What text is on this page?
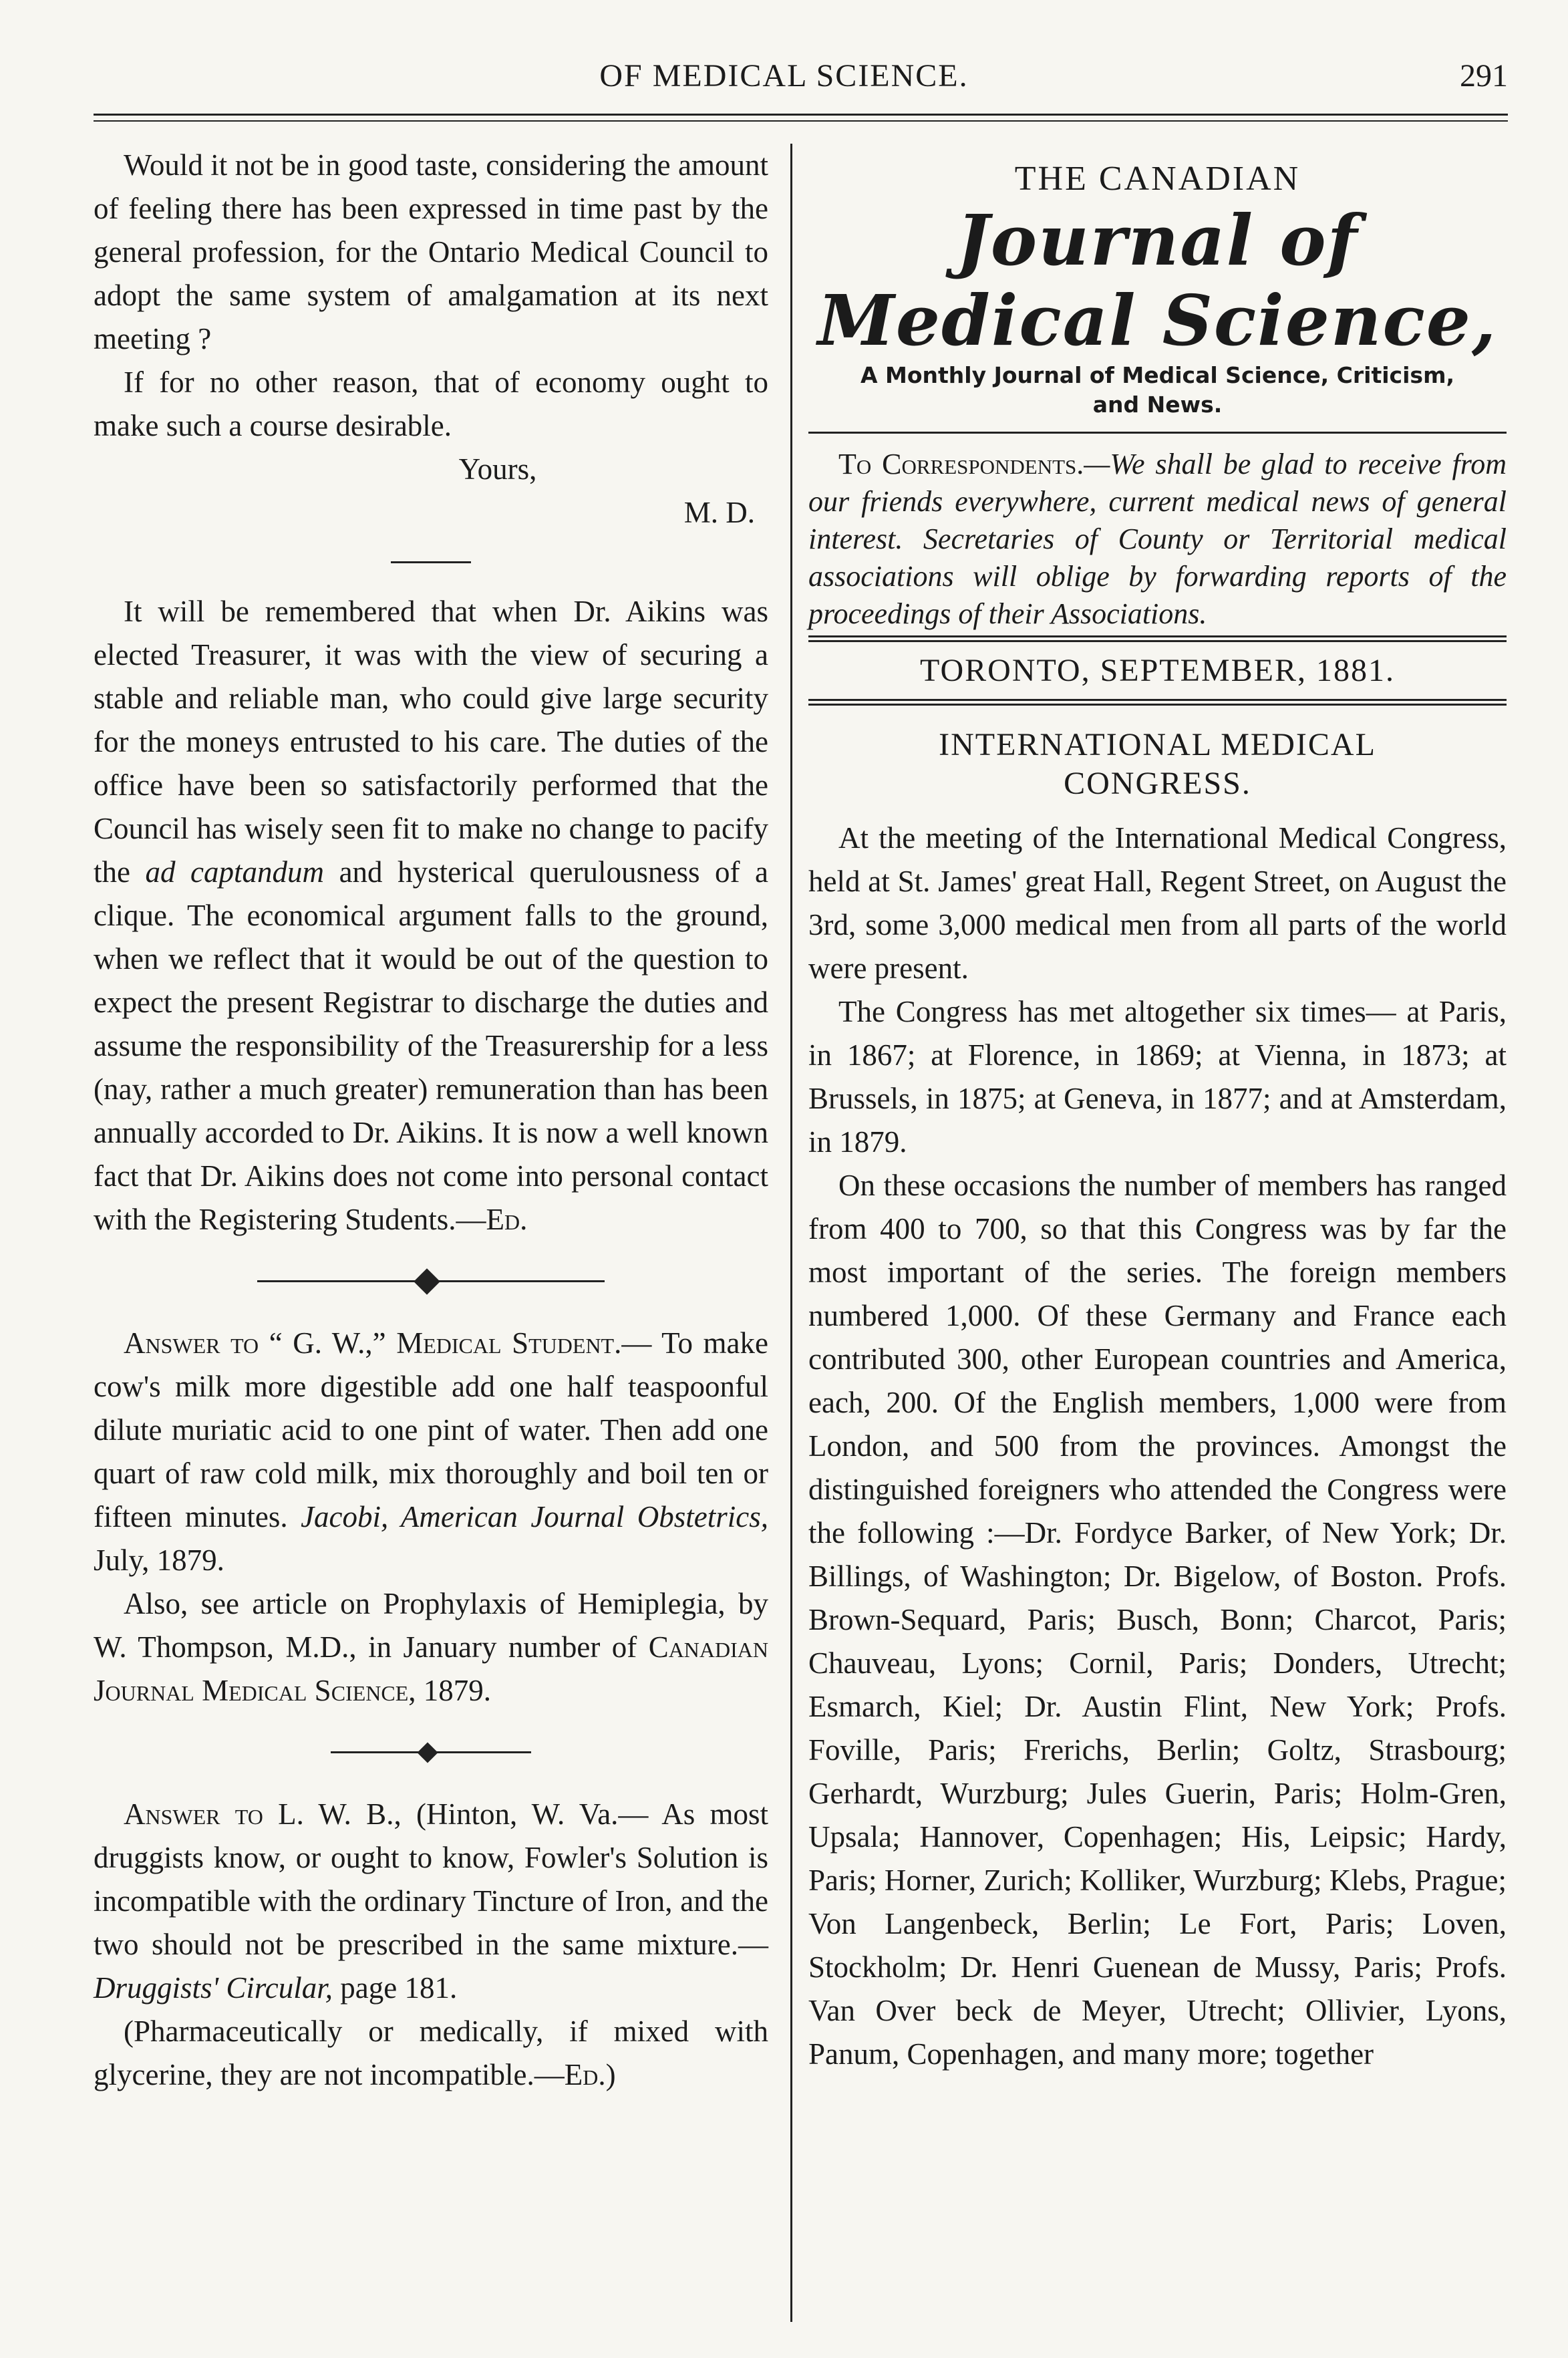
OF MEDICAL SCIENCE.	291

Would it not be in good taste, considering the amount of feeling there has been expressed in time past by the general profession, for the Ontario Medical Council to adopt the same system of amalgamation at its next meeting ?

If for no other reason, that of economy ought to make such a course desirable.

Yours,

M. D.

It will be remembered that when Dr. Aikins was elected Treasurer, it was with the view of securing a stable and reliable man, who could give large security for the moneys entrusted to his care. The duties of the office have been so satisfactorily performed that the Council has wisely seen fit to make no change to pacify the ad captandum and hysterical querulousness of a clique. The economical argument falls to the ground, when we reflect that it would be out of the question to expect the present Registrar to discharge the duties and assume the responsibility of the Treasurership for a less (nay, rather a much greater) remuneration than has been annually accorded to Dr. Aikins. It is now a well known fact that Dr. Aikins does not come into personal contact with the Registering Students.—Ed.

Answer to “ G. W.,” Medical Student.— To make cow's milk more digestible add one half teaspoonful dilute muriatic acid to one pint of water. Then add one quart of raw cold milk, mix thoroughly and boil ten or fifteen minutes. Jacobi, American Journal Obstetrics, July, 1879.

Also, see article on Prophylaxis of Hemiplegia, by W. Thompson, M.D., in January number of Canadian Journal Medical Science, 1879.

Answer to L. W. B., (Hinton, W. Va.— As most druggists know, or ought to know, Fowler's Solution is incompatible with the ordinary Tincture of Iron, and the two should not be prescribed in the same mixture.— Druggists' Circular, page 181.

(Pharmaceutically or medically, if mixed with glycerine, they are not incompatible.—Ed.)

THE CANADIAN
Journal of Medical Science,
A Monthly Journal of Medical Science, Criticism, and News.

To Correspondents.—We shall be glad to receive from our friends everywhere, current medical news of general interest. Secretaries of County or Territorial medical associations will oblige by forwarding reports of the proceedings of their Associations.

TORONTO, SEPTEMBER, 1881.
INTERNATIONAL MEDICAL
CONGRESS.

At the meeting of the International Medical Congress, held at St. James' great Hall, Regent Street, on August the 3rd, some 3,000 medical men from all parts of the world were present.

The Congress has met altogether six times— at Paris, in 1867; at Florence, in 1869; at Vienna, in 1873; at Brussels, in 1875; at Geneva, in 1877; and at Amsterdam, in 1879.

On these occasions the number of members has ranged from 400 to 700, so that this Congress was by far the most important of the series. The foreign members numbered 1,000. Of these Germany and France each contributed 300, other European countries and America, each, 200. Of the English members, 1,000 were from London, and 500 from the provinces. Amongst the distinguished foreigners who attended the Congress were the following :—Dr. Fordyce Barker, of New York; Dr. Billings, of Washington; Dr. Bigelow, of Boston. Profs. Brown-Sequard, Paris; Busch, Bonn; Charcot, Paris; Chauveau, Lyons; Cornil, Paris; Donders, Utrecht; Esmarch, Kiel; Dr. Austin Flint, New York; Profs. Foville, Paris; Frerichs, Berlin; Goltz, Strasbourg; Gerhardt, Wurzburg; Jules Guerin, Paris; Holm-Gren, Upsala; Hannover, Copenhagen; His, Leipsic; Hardy, Paris; Horner, Zurich; Kolliker, Wurzburg; Klebs, Prague; Von Langenbeck, Berlin; Le Fort, Paris; Loven, Stockholm; Dr. Henri Guenean de Mussy, Paris; Profs. Van Over beck de Meyer, Utrecht; Ollivier, Lyons, Panum, Copenhagen, and many more; together
